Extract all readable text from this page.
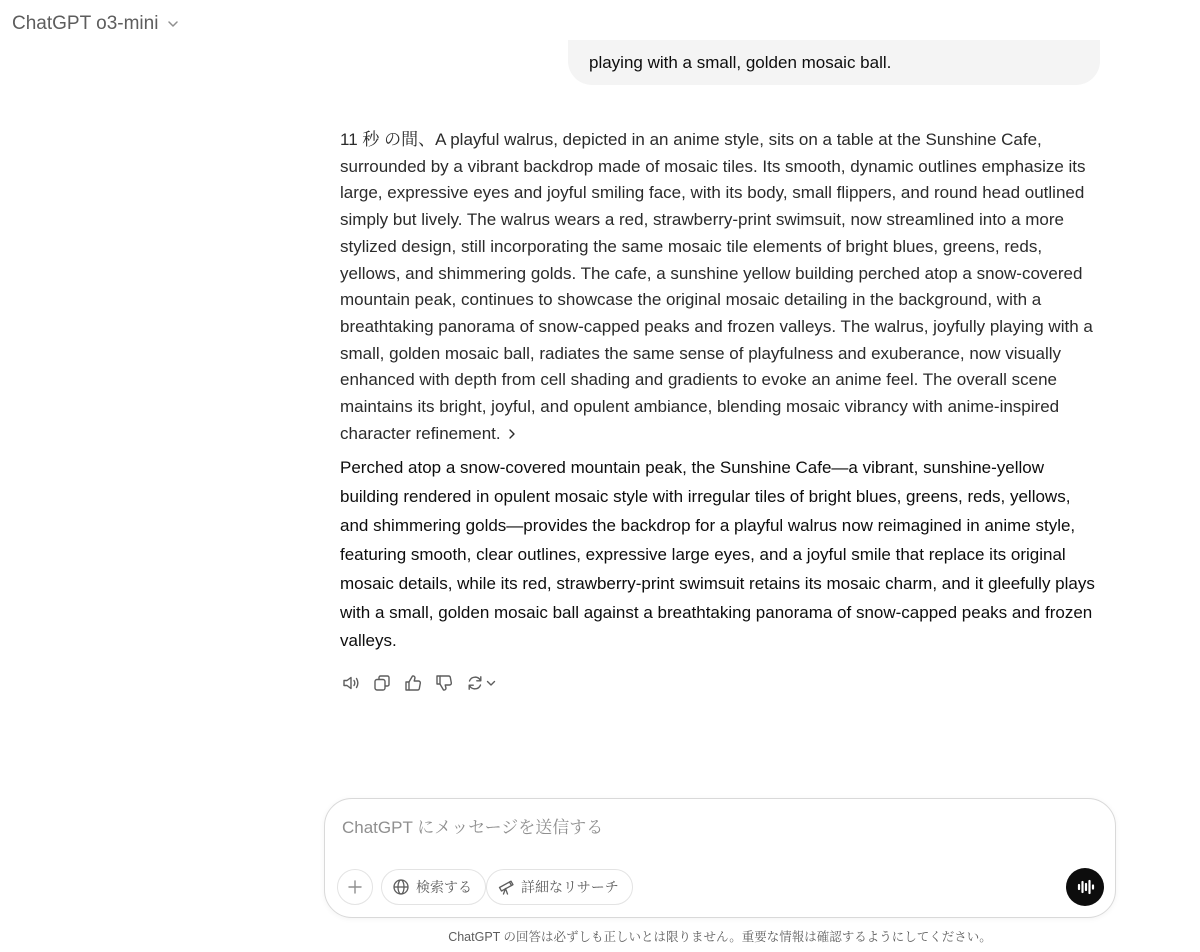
ChatGPT o3-mini
playing with a small, golden mosaic ball.
11 秒 の間、A playful walrus, depicted in an anime style, sits on a table at the Sunshine Cafe, surrounded by a vibrant backdrop made of mosaic tiles. Its smooth, dynamic outlines emphasize its large, expressive eyes and joyful smiling face, with its body, small flippers, and round head outlined simply but lively. The walrus wears a red, strawberry-print swimsuit, now streamlined into a more stylized design, still incorporating the same mosaic tile elements of bright blues, greens, reds, yellows, and shimmering golds. The cafe, a sunshine yellow building perched atop a snow-covered mountain peak, continues to showcase the original mosaic detailing in the background, with a breathtaking panorama of snow-capped peaks and frozen valleys. The walrus, joyfully playing with a small, golden mosaic ball, radiates the same sense of playfulness and exuberance, now visually enhanced with depth from cell shading and gradients to evoke an anime feel. The overall scene maintains its bright, joyful, and opulent ambiance, blending mosaic vibrancy with anime-inspired character refinement.
Perched atop a snow-covered mountain peak, the Sunshine Cafe—a vibrant, sunshine-yellow building rendered in opulent mosaic style with irregular tiles of bright blues, greens, reds, yellows, and shimmering golds—provides the backdrop for a playful walrus now reimagined in anime style, featuring smooth, clear outlines, expressive large eyes, and a joyful smile that replace its original mosaic details, while its red, strawberry-print swimsuit retains its mosaic charm, and it gleefully plays with a small, golden mosaic ball against a breathtaking panorama of snow-capped peaks and frozen valleys.
ChatGPT にメッセージを送信する
検索する	詳細なリサーチ
ChatGPT の回答は必ずしも正しいとは限りません。重要な情報は確認するようにしてください。
